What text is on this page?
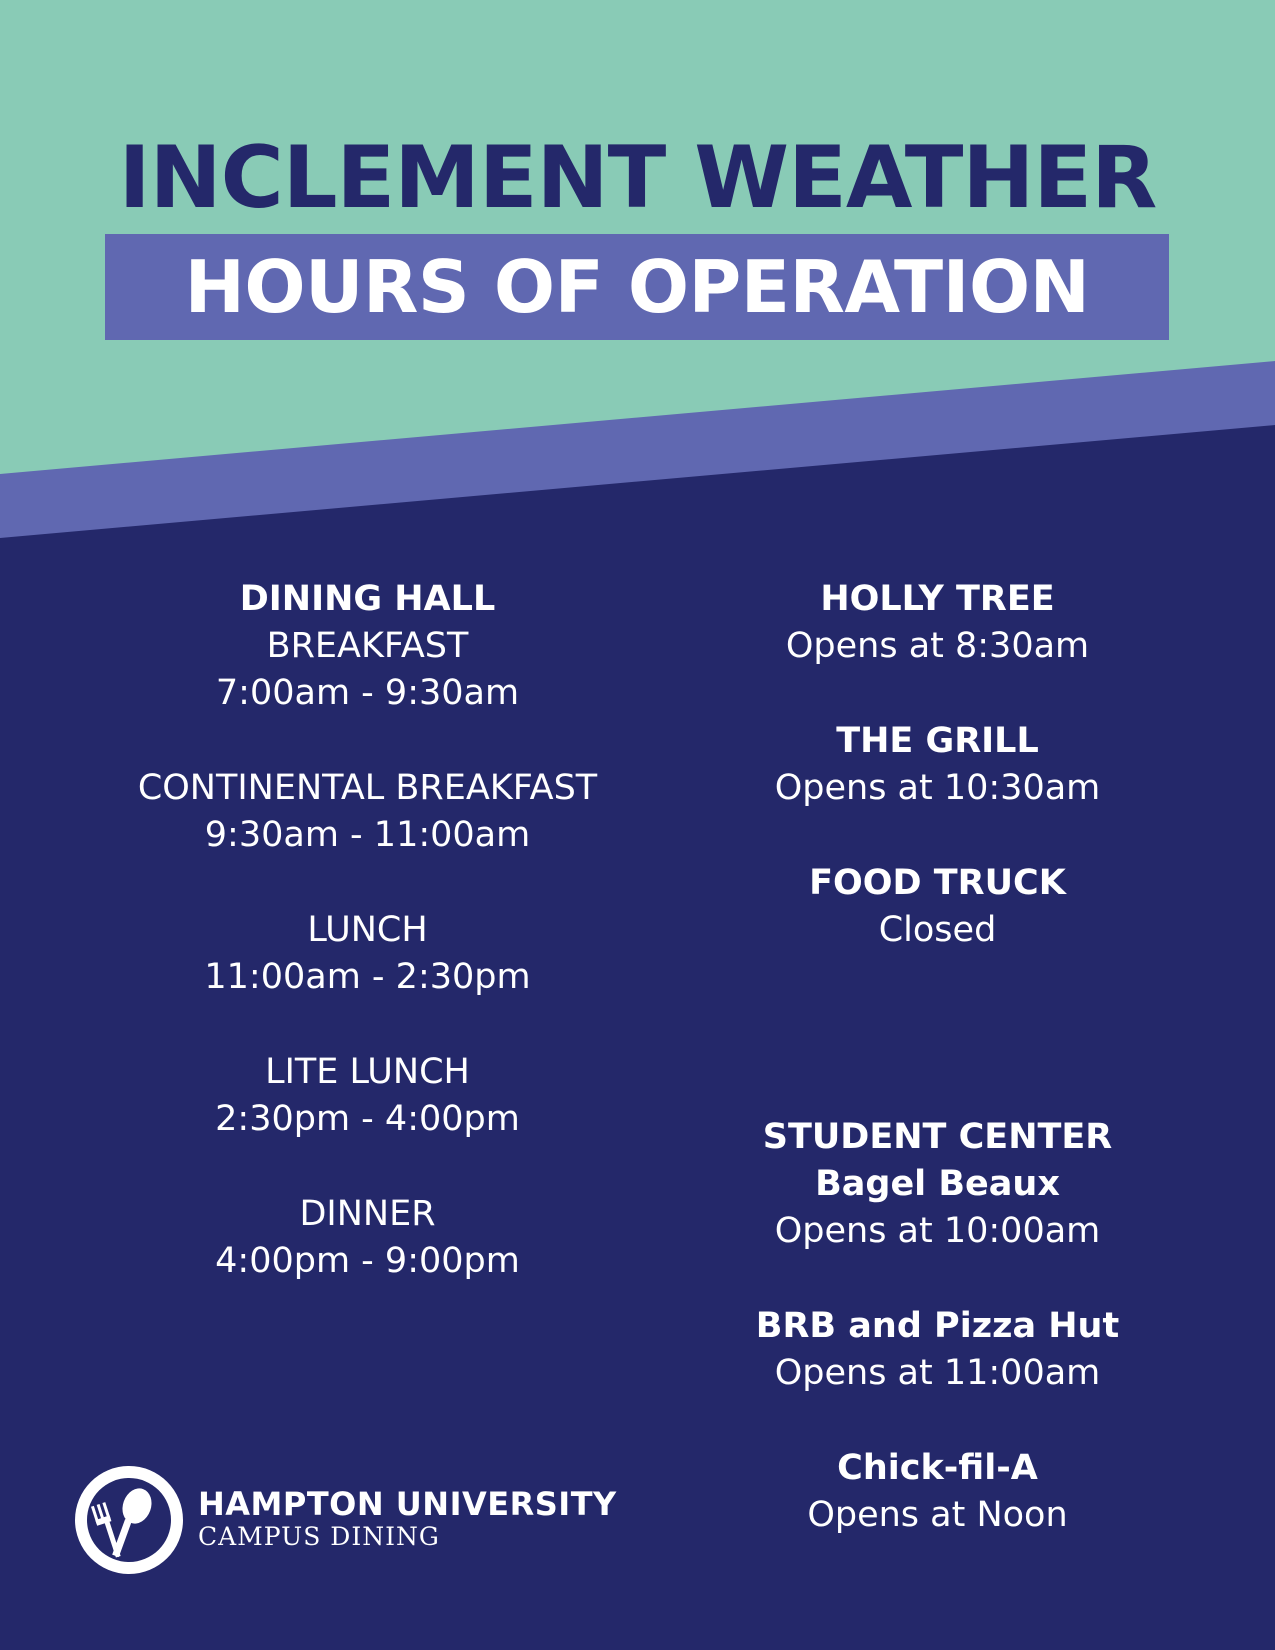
INCLEMENT WEATHER
HOURS OF OPERATION
DINING HALL
BREAKFAST
7:00am - 9:30am
CONTINENTAL BREAKFAST
9:30am - 11:00am
LUNCH
11:00am - 2:30pm
LITE LUNCH
2:30pm - 4:00pm
DINNER
4:00pm - 9:00pm
HOLLY TREE
Opens at 8:30am
THE GRILL
Opens at 10:30am
FOOD TRUCK
Closed
STUDENT CENTER
Bagel Beaux
Opens at 10:00am
BRB and Pizza Hut
Opens at 11:00am
Chick-fil-A
Opens at Noon
HAMPTON UNIVERSITY
CAMPUS DINING
